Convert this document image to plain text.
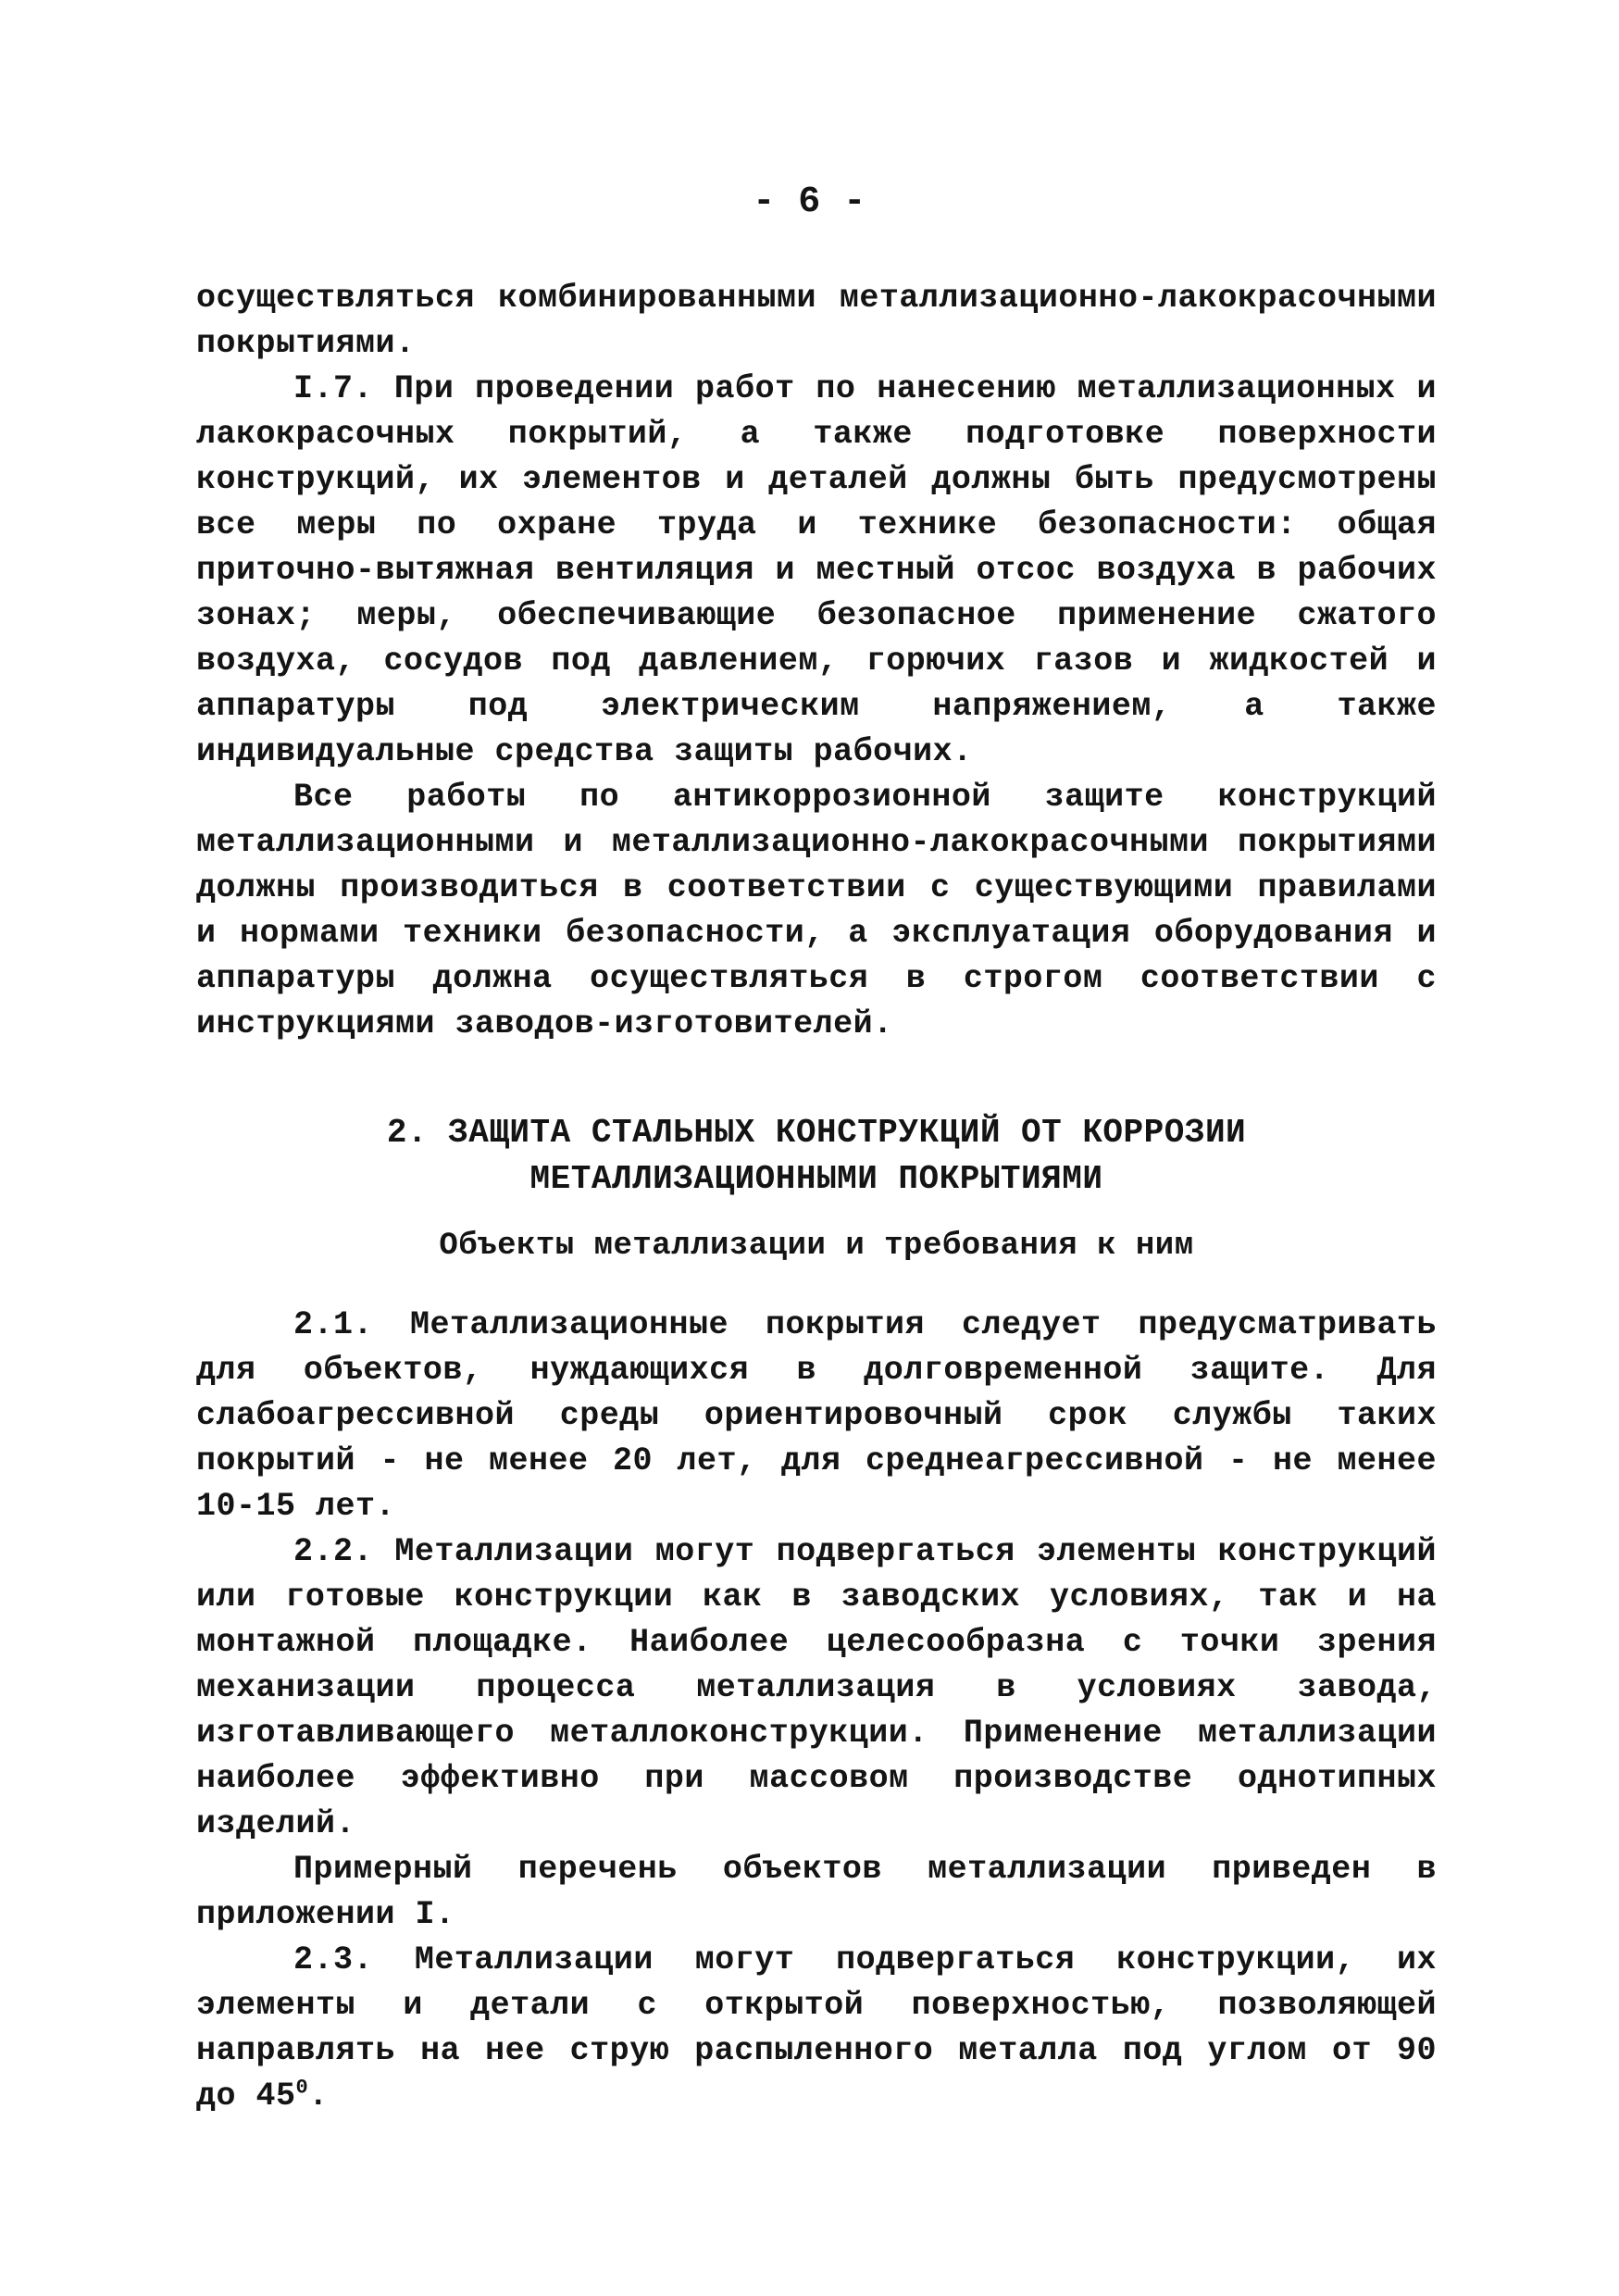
- 6 -

осуществляться комбинированными металлизационно-лакокрасочными покрытиями.

I.7. При проведении работ по нанесению металлизационных и лакокрасочных покрытий, а также подготовке поверхности конструкций, их элементов и деталей должны быть предусмотрены все меры по охране труда и технике безопасности: общая приточно-вытяжная вентиляция и местный отсос воздуха в рабочих зонах; меры, обеспечивающие безопасное применение сжатого воздуха, сосудов под давлением, горючих газов и жидкостей и аппаратуры под электрическим напряжением, а также индивидуальные средства защиты рабочих.

Все работы по антикоррозионной защите конструкций металлизационными и металлизационно-лакокрасочными покрытиями должны производиться в соответствии с существующими правилами и нормами техники безопасности, а эксплуатация оборудования и аппаратуры должна осуществляться в строгом соответствии с инструкциями заводов-изготовителей.

2. ЗАЩИТА СТАЛЬНЫХ КОНСТРУКЦИЙ ОТ КОРРОЗИИ

МЕТАЛЛИЗАЦИОННЫМИ ПОКРЫТИЯМИ

Объекты металлизации и требования к ним

2.1. Металлизационные покрытия следует предусматривать для объектов, нуждающихся в долговременной защите. Для слабоагрессивной среды ориентировочный срок службы таких покрытий - не менее 20 лет, для среднеагрессивной - не менее 10-15 лет.

2.2. Металлизации могут подвергаться элементы конструкций или готовые конструкции как в заводских условиях, так и на монтажной площадке. Наиболее целесообразна с точки зрения механизации процесса металлизация в условиях завода, изготавливающего металлоконструкции. Применение металлизации наиболее эффективно при массовом производстве однотипных изделий.

Примерный перечень объектов металлизации приведен в приложении I.

2.3. Металлизации могут подвергаться конструкции, их элементы и детали с открытой поверхностью, позволяющей направлять на нее струю распыленного металла под углом от 90 до $45^0$.
